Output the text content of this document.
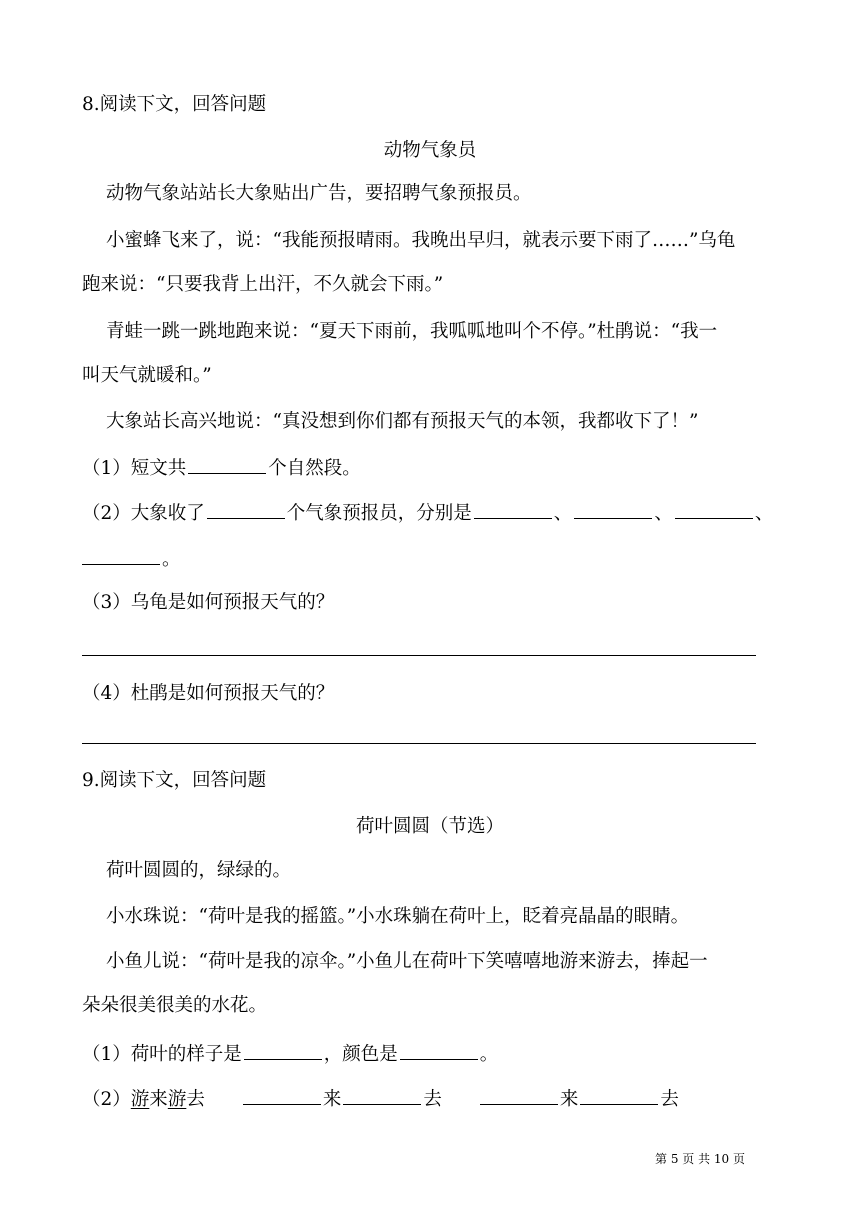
8.阅读下文，回答问题
动物气象员
动物气象站站长大象贴出广告，要招聘气象预报员。
小蜜蜂飞来了，说：“我能预报晴雨。我晚出早归，就表示要下雨了……”乌龟
跑来说：“只要我背上出汗，不久就会下雨。”
青蛙一跳一跳地跑来说：“夏天下雨前，我呱呱地叫个不停。”杜鹃说：“我一
叫天气就暖和。”
大象站长高兴地说：“真没想到你们都有预报天气的本领，我都收下了！”
（1）短文共	个自然段。
（2）大象收了	个气象预报员，分别是	、	、	、
。
（3）乌龟是如何预报天气的？
（4）杜鹃是如何预报天气的？
9.阅读下文，回答问题
荷叶圆圆（节选）
荷叶圆圆的，绿绿的。
小水珠说：“荷叶是我的摇篮。”小水珠躺在荷叶上，眨着亮晶晶的眼睛。
小鱼儿说：“荷叶是我的凉伞。”小鱼儿在荷叶下笑嘻嘻地游来游去，捧起一
朵朵很美很美的水花。
（1）荷叶的样子是	，颜色是	。
（2）游来游去	来	去	来	去
第 5 页 共 10 页
